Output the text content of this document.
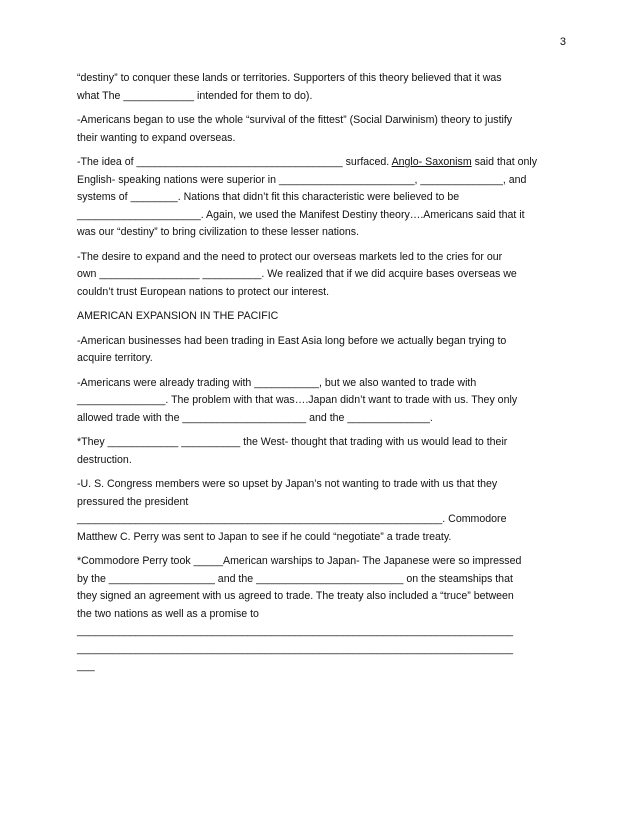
3
“destiny” to conquer these lands or territories. Supporters of this theory believed that it was
what The ____________ intended for them to do).
-Americans began to use the whole “survival of the fittest” (Social Darwinism) theory to justify
their wanting to expand overseas.
-The idea of ___________________________________ surfaced. Anglo- Saxonism said that only
English- speaking nations were superior in _______________________, ______________, and
systems of ________. Nations that didn’t fit this characteristic were believed to be
_____________________. Again, we used the Manifest Destiny theory….Americans said that it
was our “destiny” to bring civilization to these lesser nations.
-The desire to expand and the need to protect our overseas markets led to the cries for our
own _________________ __________. We realized that if we did acquire bases overseas we
couldn’t trust European nations to protect our interest.
AMERICAN EXPANSION IN THE PACIFIC
-American businesses had been trading in East Asia long before we actually began trying to
acquire territory.
-Americans were already trading with ___________, but we also wanted to trade with
_______________. The problem with that was….Japan didn’t want to trade with us. They only
allowed trade with the _____________________ and the ______________.
*They ____________ __________ the West- thought that trading with us would lead to their
destruction.
-U. S. Congress members were so upset by Japan’s not wanting to trade with us that they
pressured the president
______________________________________________________________. Commodore
Matthew C. Perry was sent to Japan to see if he could “negotiate” a trade treaty.
*Commodore Perry took _____American warships to Japan- The Japanese were so impressed
by the __________________ and the _________________________ on the steamships that
they signed an agreement with us agreed to trade. The treaty also included a “truce” between
the two nations as well as a promise to
__________________________________________________________________________
__________________________________________________________________________
___
